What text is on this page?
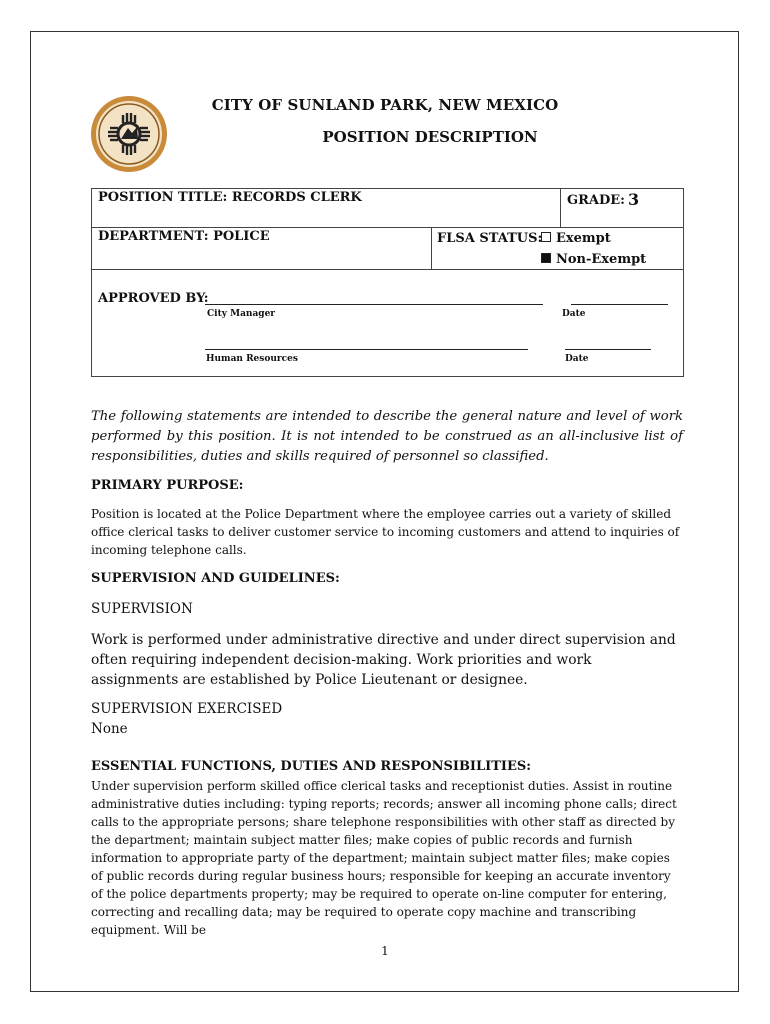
CITY OF SUNLAND PARK, NEW MEXICO
POSITION DESCRIPTION
POSITION TITLE: RECORDS CLERK	GRADE: 3
DEPARTMENT: POLICE	FLSA STATUS:	Exempt
Non-Exempt
APPROVED BY:
City Manager	Date
Human Resources	Date
The following statements are intended to describe the general nature and level of work performed by this position. It is not intended to be construed as an all-inclusive list of responsibilities, duties and skills required of personnel so classified.
PRIMARY PURPOSE:
Position is located at the Police Department where the employee carries out a variety of skilled office clerical tasks to deliver customer service to incoming customers and attend to inquiries of incoming telephone calls.
SUPERVISION AND GUIDELINES:
SUPERVISION
Work is performed under administrative directive and under direct supervision and often requiring independent decision-making. Work priorities and work assignments are established by Police Lieutenant or designee.
SUPERVISION EXERCISED
None
ESSENTIAL FUNCTIONS, DUTIES AND RESPONSIBILITIES:
Under supervision perform skilled office clerical tasks and receptionist duties. Assist in routine administrative duties including: typing reports; records; answer all incoming phone calls; direct calls to the appropriate persons; share telephone responsibilities with other staff as directed by the department; maintain subject matter files; make copies of public records and furnish information to appropriate party of the department; maintain subject matter files; make copies of public records during regular business hours; responsible for keeping an accurate inventory of the police departments property; may be required to operate on-line computer for entering, correcting and recalling data; may be required to operate copy machine and transcribing equipment. Will be
1
